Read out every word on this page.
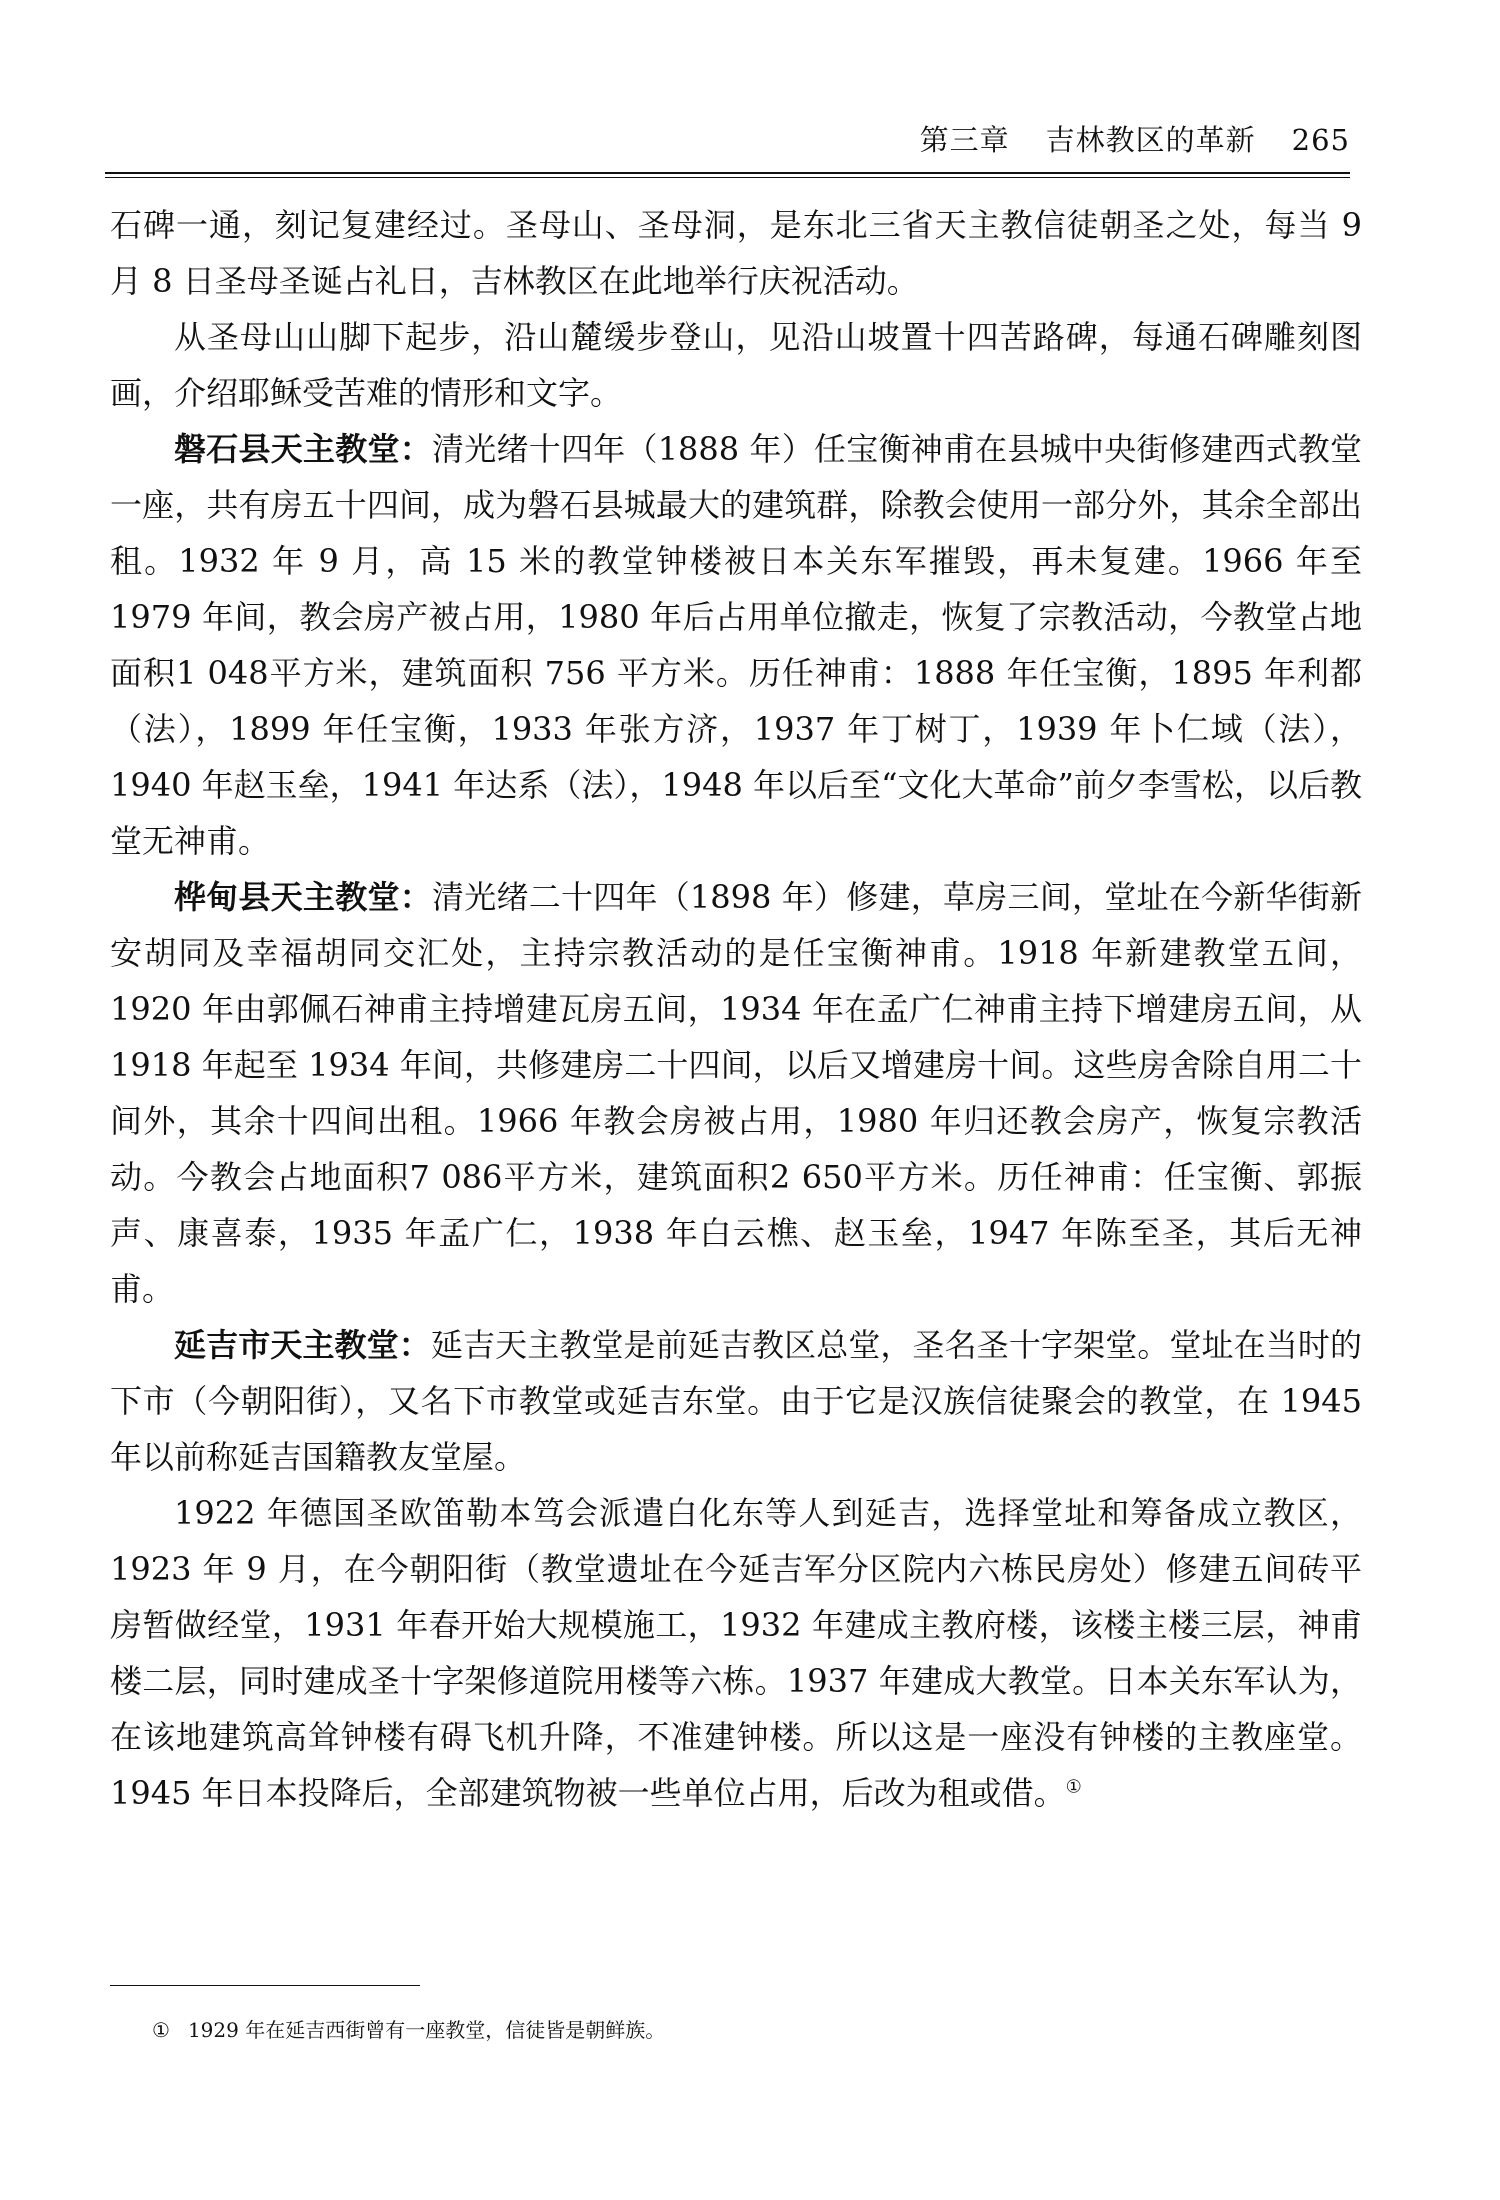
第三章 吉林教区的革新 265

石碑一通，刻记复建经过。圣母山、圣母洞，是东北三省天主教信徒朝圣之处，每当 9 月 8 日圣母圣诞占礼日，吉林教区在此地举行庆祝活动。

从圣母山山脚下起步，沿山麓缓步登山，见沿山坡置十四苦路碑，每通石碑雕刻图画，介绍耶稣受苦难的情形和文字。

磐石县天主教堂：清光绪十四年（1888 年）任宝衡神甫在县城中央街修建西式教堂一座，共有房五十四间，成为磐石县城最大的建筑群，除教会使用一部分外，其余全部出租。1932 年 9 月，高 15 米的教堂钟楼被日本关东军摧毁，再未复建。1966 年至 1979 年间，教会房产被占用，1980 年后占用单位撤走，恢复了宗教活动，今教堂占地面积1 048平方米，建筑面积 756 平方米。历任神甫：1888 年任宝衡，1895 年利都（法），1899 年任宝衡，1933 年张方济，1937 年丁树丁，1939 年卜仁域（法），1940 年赵玉垒，1941 年达系（法），1948 年以后至“文化大革命”前夕李雪松，以后教堂无神甫。

桦甸县天主教堂：清光绪二十四年（1898 年）修建，草房三间，堂址在今新华街新安胡同及幸福胡同交汇处，主持宗教活动的是任宝衡神甫。1918 年新建教堂五间，1920 年由郭佩石神甫主持增建瓦房五间，1934 年在孟广仁神甫主持下增建房五间，从 1918 年起至 1934 年间，共修建房二十四间，以后又增建房十间。这些房舍除自用二十间外，其余十四间出租。1966 年教会房被占用，1980 年归还教会房产，恢复宗教活动。今教会占地面积7 086平方米，建筑面积2 650平方米。历任神甫：任宝衡、郭振声、康喜泰，1935 年孟广仁，1938 年白云樵、赵玉垒，1947 年陈至圣，其后无神甫。

延吉市天主教堂：延吉天主教堂是前延吉教区总堂，圣名圣十字架堂。堂址在当时的下市（今朝阳街），又名下市教堂或延吉东堂。由于它是汉族信徒聚会的教堂，在 1945 年以前称延吉国籍教友堂屋。

1922 年德国圣欧笛勒本笃会派遣白化东等人到延吉，选择堂址和筹备成立教区，1923 年 9 月，在今朝阳街（教堂遗址在今延吉军分区院内六栋民房处）修建五间砖平房暂做经堂，1931 年春开始大规模施工，1932 年建成主教府楼，该楼主楼三层，神甫楼二层，同时建成圣十字架修道院用楼等六栋。1937 年建成大教堂。日本关东军认为，在该地建筑高耸钟楼有碍飞机升降，不准建钟楼。所以这是一座没有钟楼的主教座堂。1945 年日本投降后，全部建筑物被一些单位占用，后改为租或借。①

① 1929 年在延吉西街曾有一座教堂，信徒皆是朝鲜族。
